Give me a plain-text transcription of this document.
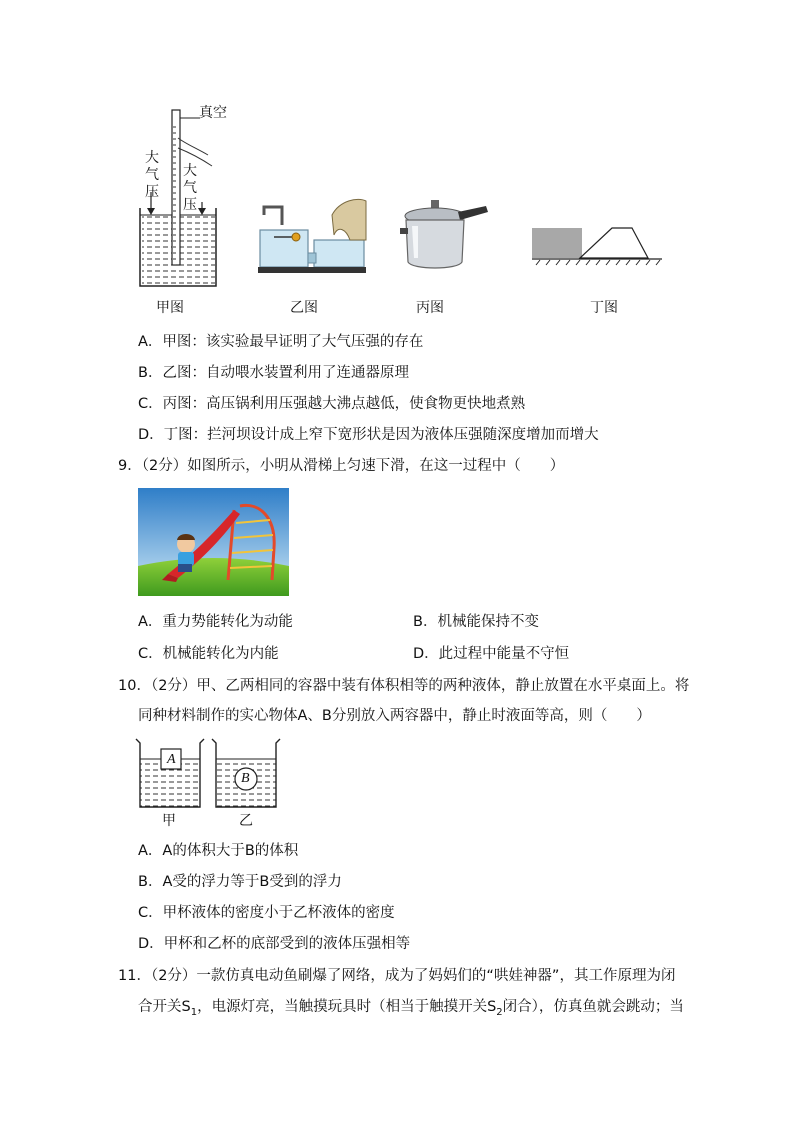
真空
大气压
大气压
甲图	乙图	丙图	丁图
A．甲图：该实验最早证明了大气压强的存在
B．乙图：自动喂水装置利用了连通器原理
C．丙图：高压锅利用压强越大沸点越低，使食物更快地煮熟
D．丁图：拦河坝设计成上窄下宽形状是因为液体压强随深度增加而增大
9．（2分）如图所示，小明从滑梯上匀速下滑，在这一过程中（　　）
A．重力势能转化为动能	B．机械能保持不变
C．机械能转化为内能	D．此过程中能量不守恒
10．（2分）甲、乙两相同的容器中装有体积相等的两种液体，静止放置在水平桌面上。将
同种材料制作的实心物体A、B分别放入两容器中，静止时液面等高，则（　　）
A
B
甲	乙
A．A的体积大于B的体积
B．A受的浮力等于B受到的浮力
C．甲杯液体的密度小于乙杯液体的密度
D．甲杯和乙杯的底部受到的液体压强相等
11．（2分）一款仿真电动鱼刷爆了网络，成为了妈妈们的“哄娃神器”，其工作原理为闭
合开关$S_1$，电源灯亮，当触摸玩具时（相当于触摸开关$S_2$闭合），仿真鱼就会跳动；当
